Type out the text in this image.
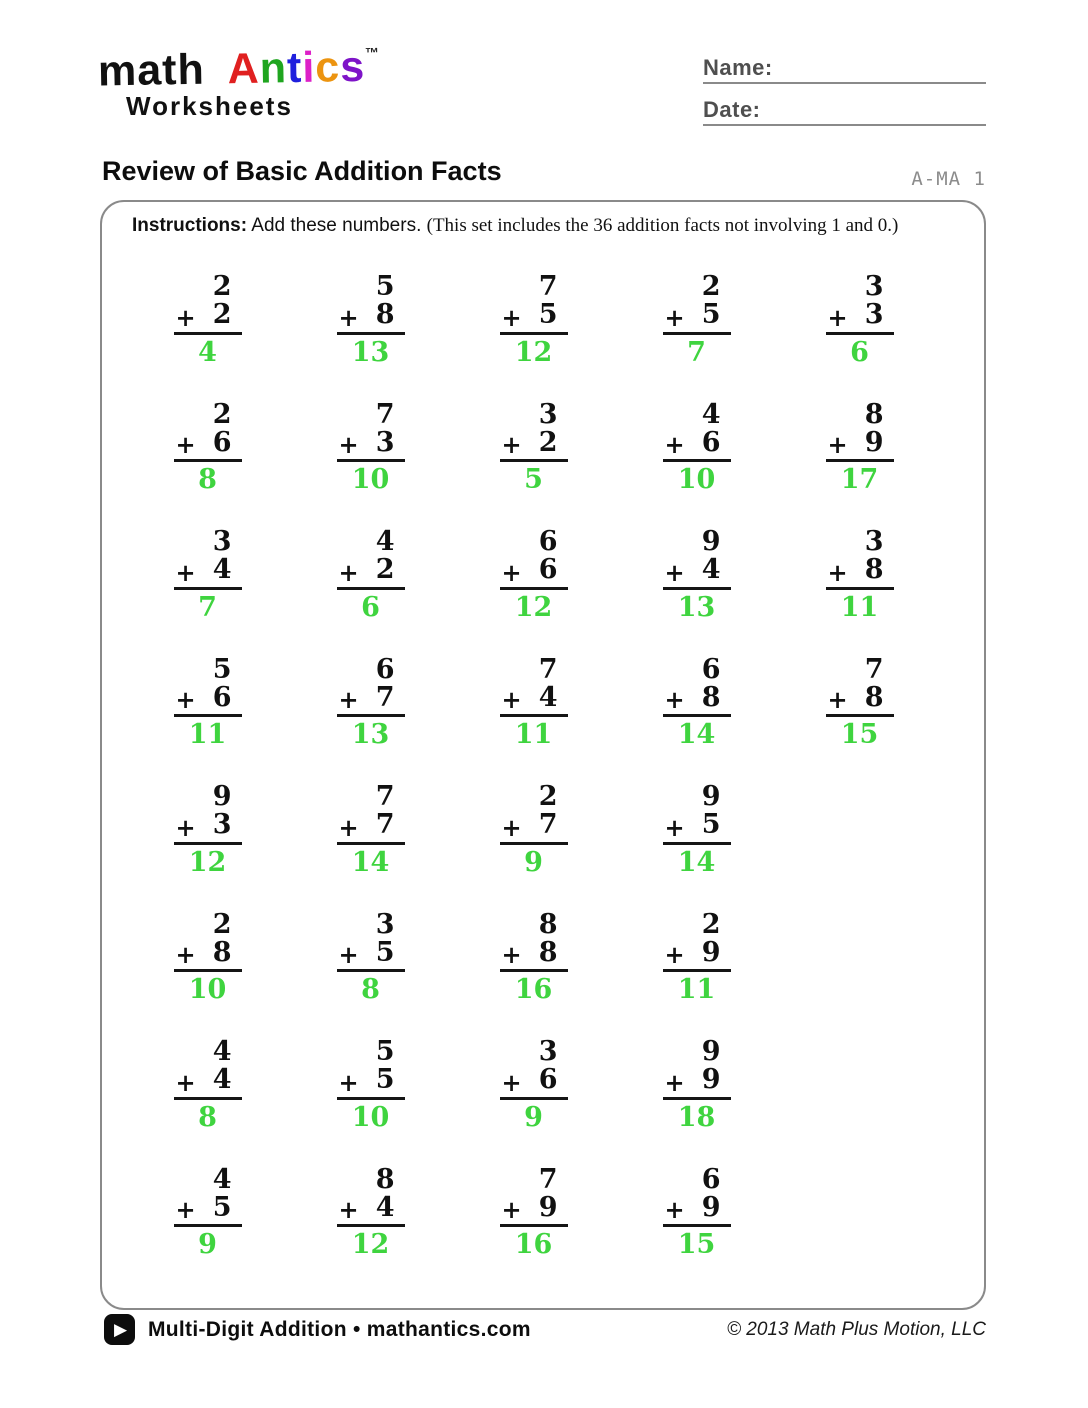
math Antics™
Worksheets
Name:
Date:
Review of Basic Addition Facts	A-MA 1
Instructions: Add these numbers. (This set includes the 36 addition facts not involving 1 and 0.)
2
+ 2
4
5
+ 8
13
7
+ 5
12
2
+ 5
7
3
+ 3
6
2
+ 6
8
7
+ 3
10
3
+ 2
5
4
+ 6
10
8
+ 9
17
3
+ 4
7
4
+ 2
6
6
+ 6
12
9
+ 4
13
3
+ 8
11
5
+ 6
11
6
+ 7
13
7
+ 4
11
6
+ 8
14
7
+ 8
15
9
+ 3
12
7
+ 7
14
2
+ 7
9
9
+ 5
14
2
+ 8
10
3
+ 5
8
8
+ 8
16
2
+ 9
11
4
+ 4
8
5
+ 5
10
3
+ 6
9
9
+ 9
18
4
+ 5
9
8
+ 4
12
7
+ 9
16
6
+ 9
15
▶ Multi-Digit Addition • mathantics.com	© 2013 Math Plus Motion, LLC
